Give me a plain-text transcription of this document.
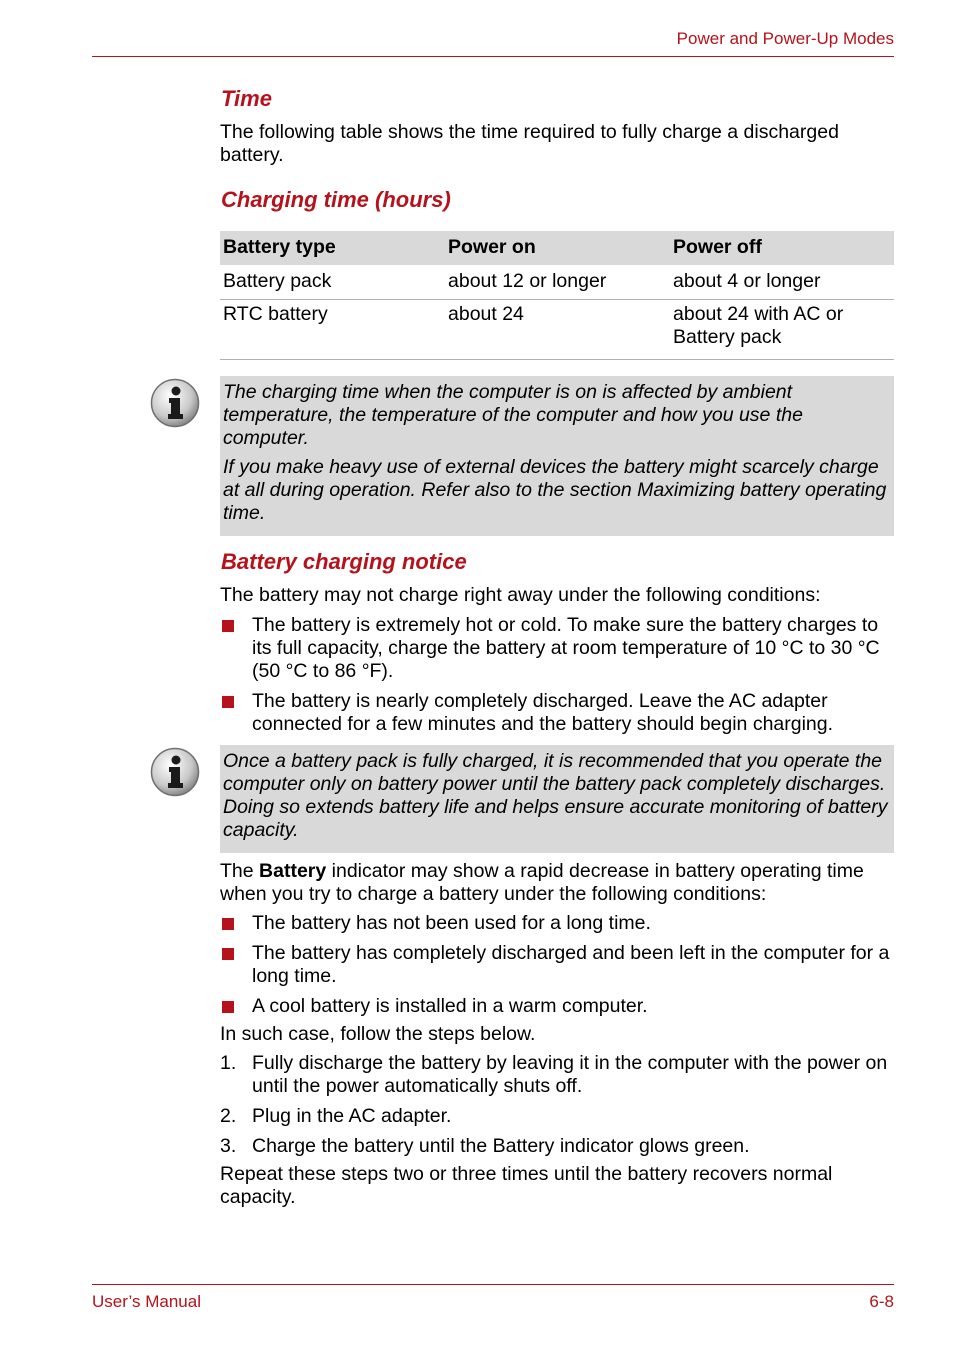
Power and Power-Up Modes
Time
The following table shows the time required to fully charge a discharged battery.
Charging time (hours)
Battery type	Power on	Power off
Battery pack	about 12 or longer	about 4 or longer
RTC battery	about 24	about 24 with AC or Battery pack

The charging time when the computer is on is affected by ambient temperature, the temperature of the computer and how you use the computer.

If you make heavy use of external devices the battery might scarcely charge at all during operation. Refer also to the section Maximizing battery operating time.

Battery charging notice
The battery may not charge right away under the following conditions:
The battery is extremely hot or cold. To make sure the battery charges to its full capacity, charge the battery at room temperature of 10 °C to 30 °C (50 °C to 86 °F).
The battery is nearly completely discharged. Leave the AC adapter connected for a few minutes and the battery should begin charging.

Once a battery pack is fully charged, it is recommended that you operate the computer only on battery power until the battery pack completely discharges. Doing so extends battery life and helps ensure accurate monitoring of battery capacity.

The Battery indicator may show a rapid decrease in battery operating time when you try to charge a battery under the following conditions:
The battery has not been used for a long time.
The battery has completely discharged and been left in the computer for a long time.
A cool battery is installed in a warm computer.
In such case, follow the steps below.
1. Fully discharge the battery by leaving it in the computer with the power on until the power automatically shuts off.
2. Plug in the AC adapter.
3. Charge the battery until the Battery indicator glows green.
Repeat these steps two or three times until the battery recovers normal capacity.
User’s Manual	6-8
